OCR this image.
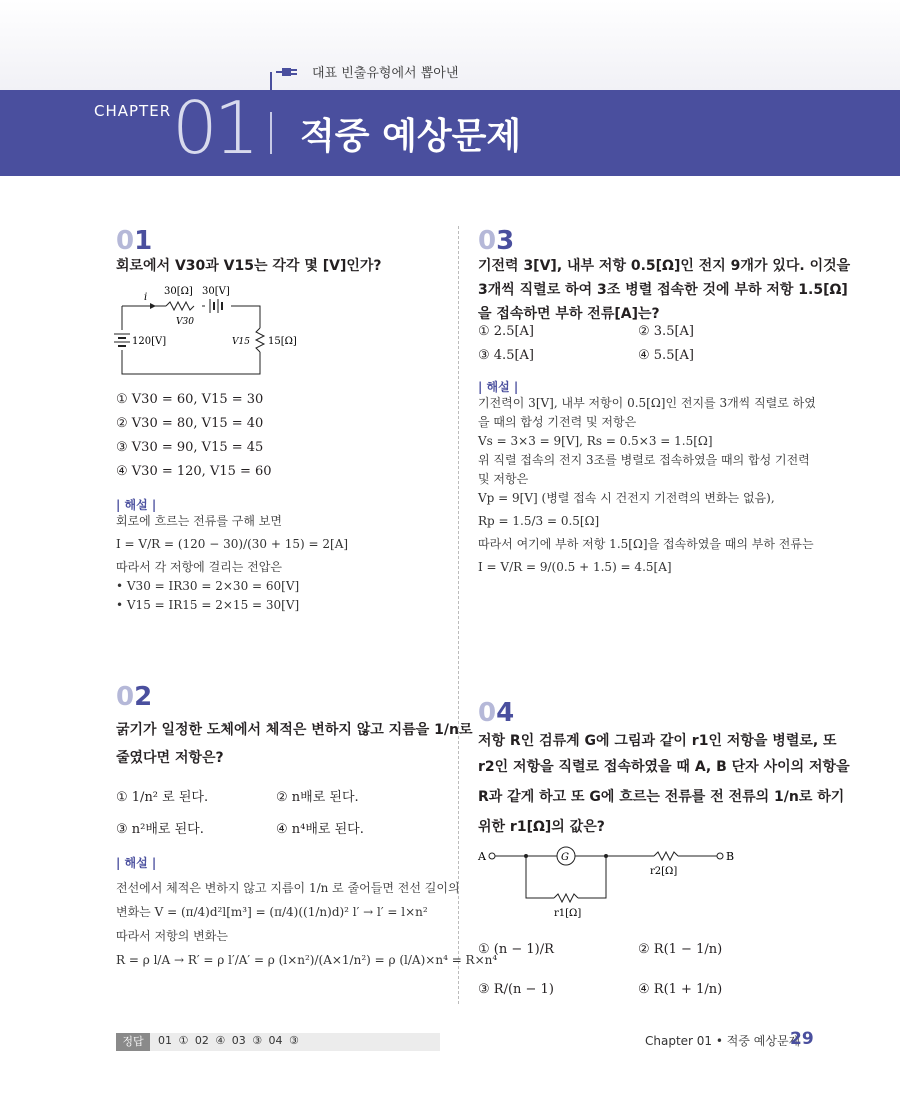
대표 빈출유형에서 뽑아낸
CHAPTER 01 적중 예상문제
01
회로에서 V30과 V15는 각각 몇 [V]인가?
i
30[Ω] 30[V]
V30
120[V]	V15 15[Ω]
① V30 = 60, V15 = 30
② V30 = 80, V15 = 40
③ V30 = 90, V15 = 45
④ V30 = 120, V15 = 60
| 해설 |
회로에 흐르는 전류를 구해 보면
I = V/R = (120 − 30)/(30 + 15) = 2[A]
따라서 각 저항에 걸리는 전압은
• V30 = IR30 = 2×30 = 60[V]
• V15 = IR15 = 2×15 = 30[V]
02
굵기가 일정한 도체에서 체적은 변하지 않고 지름을 1/n로
줄였다면 저항은?
① 1/n² 로 된다.	② n배로 된다.
③ n²배로 된다.	④ n⁴배로 된다.
| 해설 |
전선에서 체적은 변하지 않고 지름이 1/n 로 줄어들면 전선 길이의
변화는 V = (π/4)d²l[m³] = (π/4)((1/n)d)² l′ → l′ = l×n²
따라서 저항의 변화는
R = ρ l/A → R′ = ρ l′/A′ = ρ (l×n²)/(A×1/n²) = ρ (l/A)×n⁴ = R×n⁴
03
기전력 3[V], 내부 저항 0.5[Ω]인 전지 9개가 있다. 이것을
3개씩 직렬로 하여 3조 병렬 접속한 것에 부하 저항 1.5[Ω]
을 접속하면 부하 전류[A]는?
① 2.5[A]	② 3.5[A]
③ 4.5[A]	④ 5.5[A]
| 해설 |
기전력이 3[V], 내부 저항이 0.5[Ω]인 전지를 3개씩 직렬로 하였
을 때의 합성 기전력 및 저항은
Vs = 3×3 = 9[V], Rs = 0.5×3 = 1.5[Ω]
위 직렬 접속의 전지 3조를 병렬로 접속하였을 때의 합성 기전력
및 저항은
Vp = 9[V] (병렬 접속 시 건전지 기전력의 변화는 없음),
Rp = 1.5/3 = 0.5[Ω]
따라서 여기에 부하 저항 1.5[Ω]을 접속하였을 때의 부하 전류는
I = V/R = 9/(0.5 + 1.5) = 4.5[A]
04
저항 R인 검류계 G에 그림과 같이 r1인 저항을 병렬로, 또
r2인 저항을 직렬로 접속하였을 때 A, B 단자 사이의 저항을
R과 같게 하고 또 G에 흐르는 전류를 전 전류의 1/n로 하기
위한 r1[Ω]의 값은?
A	B
G
r2[Ω]
r1[Ω]
① (n − 1)/R	② R(1 − 1/n)
③ R/(n − 1)	④ R(1 + 1/n)
정답	01 ① 02 ④ 03 ③ 04 ③	Chapter 01 • 적중 예상문제
29
